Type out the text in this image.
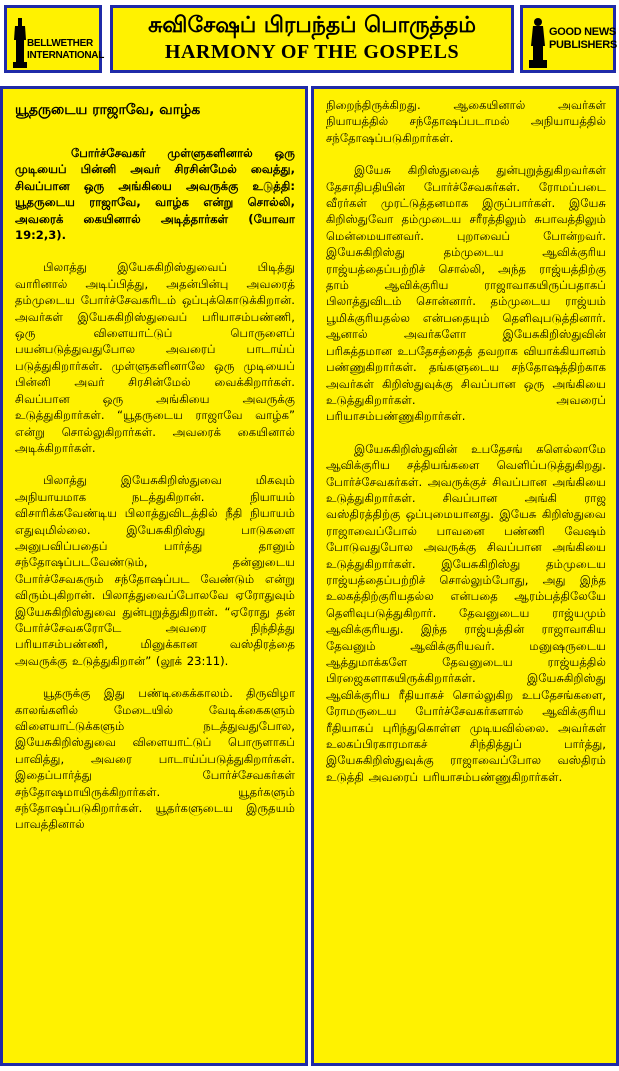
BELLWETHER
INTERNATIONAL
சுவிசேஷப் பிரபந்தப் பொருத்தம்
HARMONY OF THE GOSPELS
GOOD NEWS
PUBLISHERS
யூதருடைய ராஜாவே, வாழ்க

போர்ச்சேவகர் முள்ளுகளினால் ஒரு முடியைப் பின்னி அவர் சிரசின்மேல் வைத்து, சிவப்பான ஒரு அங்கியை அவருக்கு உடுத்தி: யூதருடைய ராஜாவே, வாழ்க என்று சொல்லி, அவரைக் கையினால் அடித்தார்கள் (யோவா 19:2,3).

பிலாத்து இயேசுகிறிஸ்துவைப் பிடித்து வாரினால் அடிப்பித்து, அதன்பின்பு அவரைத் தம்முடைய போர்ச்சேவகரிடம் ஒப்புக்கொடுக்கிறான். அவர்கள் இயேசுகிறிஸ்துவைப் பரியாசம்பண்ணி, ஒரு விளையாட்டுப் பொருளைப் பயன்படுத்துவதுபோல அவரைப் பாடாய்ப் படுத்துகிறார்கள். முள்ளுகளினாலே ஒரு முடியைப் பின்னி அவர் சிரசின்மேல் வைக்கிறார்கள். சிவப்பான ஒரு அங்கியை அவருக்கு உடுத்துகிறார்கள். “யூதருடைய ராஜாவே வாழ்க” என்று சொல்லுகிறார்கள். அவரைக் கையினால் அடிக்கிறார்கள்.

பிலாத்து இயேசுகிறிஸ்துவை மிகவும் அநியாயமாக நடத்துகிறான். நியாயம் விசாரிக்கவேண்டிய பிலாத்துவிடத்தில் நீதி நியாயம் எதுவுமில்லை. இயேசுகிறிஸ்து பாடுகளை அனுபவிப்பதைப் பார்த்து தானும் சந்தோஷப்படவேண்டும், தன்னுடைய போர்ச்சேவகரும் சந்தோஷப்பட வேண்டும் என்று விரும்புகிறான். பிலாத்துவைப்போலவே ஏரோதுவும் இயேசுகிறிஸ்துவை துன்புறுத்துகிறான். “ஏரோது தன் போர்ச்சேவகரோடே அவரை நிந்தித்து பரியாசம்பண்ணி, மினுக்கான வஸ்திரத்தை அவருக்கு உடுத்துகிறான்” (லூக் 23:11).

யூதருக்கு இது பண்டிகைக்காலம். திருவிழா காலங்களில் மேடையில் வேடிக்கைகளும் விளையாட்டுக்களும் நடத்துவதுபோல, இயேசுகிறிஸ்துவை விளையாட்டுப் பொருளாகப் பாவித்து, அவரை பாடாய்ப்படுத்துகிறார்கள். இதைப்பார்த்து போர்ச்சேவகர்கள் சந்தோஷமாயிருக்கிறார்கள். யூதர்களும் சந்தோஷப்படுகிறார்கள். யூதர்களுடைய இருதயம் பாவத்தினால்

நிறைந்திருக்கிறது. ஆகையினால் அவர்கள் நியாயத்தில் சந்தோஷப்படாமல் அநியாயத்தில் சந்தோஷப்படுகிறார்கள்.

இயேசு கிறிஸ்துவைத் துன்புறுத்துகிறவர்கள் தேசாதிபதியின் போர்ச்சேவகர்கள். ரோமப்படை வீரர்கள் முரட்டுத்தனமாக இருப்பார்கள். இயேசு கிறிஸ்துவோ தம்முடைய சரீரத்திலும் சுபாவத்திலும் மென்மையானவர். புறாவைப் போன்றவர். இயேசுகிறிஸ்து தம்முடைய ஆவிக்குரிய ராஜ்யத்தைப்பற்றிச் சொல்லி, அந்த ராஜ்யத்திற்கு தாம் ஆவிக்குரிய ராஜாவாகயிருப்பதாகப் பிலாத்துவிடம் சொன்னார். தம்முடைய ராஜ்யம் பூமிக்குரியதல்ல என்பதையும் தெளிவுபடுத்தினார். ஆனால் அவர்களோ இயேசுகிறிஸ்துவின் பரிசுத்தமான உபதேசத்தைத் தவறாக வியாக்கியானம் பண்ணுகிறார்கள். தங்களுடைய சந்தோஷத்திற்காக அவர்கள் கிறிஸ்துவுக்கு சிவப்பான ஒரு அங்கியை உடுத்துகிறார்கள். அவரைப் பரியாசம்பண்ணுகிறார்கள்.

இயேசுகிறிஸ்துவின் உபதேசங் களெல்லாமே ஆவிக்குரிய சத்தியங்களை வெளிப்படுத்துகிறது. போர்ச்சேவகர்கள். அவருக்குச் சிவப்பான அங்கியை உடுத்துகிறார்கள். சிவப்பான அங்கி ராஜ வஸ்திரத்திற்கு ஒப்புமையானது. இயேசு கிறிஸ்துவை ராஜாவைப்போல் பாவனை பண்ணி வேஷம் போடுவதுபோல அவருக்கு சிவப்பான அங்கியை உடுத்துகிறார்கள். இயேசுகிறிஸ்து தம்முடைய ராஜ்யத்தைப்பற்றிச் சொல்லும்போது, அது இந்த உலகத்திற்குரியதல்ல என்பதை ஆரம்பத்திலேயே தெளிவுபடுத்துகிறார். தேவனுடைய ராஜ்யமும் ஆவிக்குரியது. இந்த ராஜ்யத்தின் ராஜாவாகிய தேவனும் ஆவிக்குரியவர். மனுஷருடைய ஆத்துமாக்களே தேவனுடைய ராஜ்யத்தில் பிரஜைகளாகயிருக்கிறார்கள். இயேசுகிறிஸ்து ஆவிக்குரிய ரீதியாகச் சொல்லுகிற உபதேசங்களை, ரோமருடைய போர்ச்சேவகர்களால் ஆவிக்குரிய ரீதியாகப் புரிந்துகொள்ள முடியவில்லை. அவர்கள் உலகப்பிரகாரமாகச் சிந்தித்துப் பார்த்து, இயேசுகிறிஸ்துவுக்கு ராஜாவைப்போல வஸ்திரம் உடுத்தி அவரைப் பரியாசம்பண்ணுகிறார்கள்.
